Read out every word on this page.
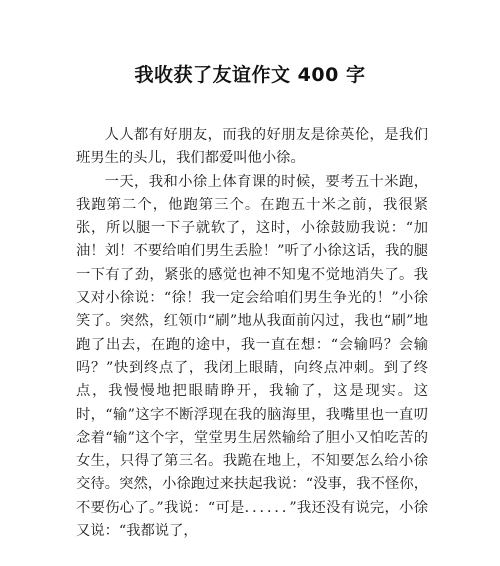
我收获了友谊作文 400 字

人人都有好朋友，而我的好朋友是徐英伦，是我们班男生的头儿，我们都爱叫他小徐。

一天，我和小徐上体育课的时候，要考五十米跑，我跑第二个，他跑第三个。在跑五十米之前，我很紧张，所以腿一下子就软了，这时，小徐鼓励我说：“加油！刘！不要给咱们男生丢脸！”听了小徐这话，我的腿一下有了劲，紧张的感觉也神不知鬼不觉地消失了。我又对小徐说：“徐！我一定会给咱们男生争光的！”小徐笑了。突然，红领巾“刷”地从我面前闪过，我也“刷”地跑了出去，在跑的途中，我一直在想：“会输吗？会输吗？”快到终点了，我闭上眼睛，向终点冲刺。到了终点，我慢慢地把眼睛睁开，我输了，这是现实。这时，“输”这字不断浮现在我的脑海里，我嘴里也一直叨念着“输”这个字，堂堂男生居然输给了胆小又怕吃苦的女生，只得了第三名。我跪在地上，不知要怎么给小徐交待。突然，小徐跑过来扶起我说：“没事，我不怪你，不要伤心了。”我说：“可是．．．．．．”我还没有说完，小徐又说：“我都说了，
